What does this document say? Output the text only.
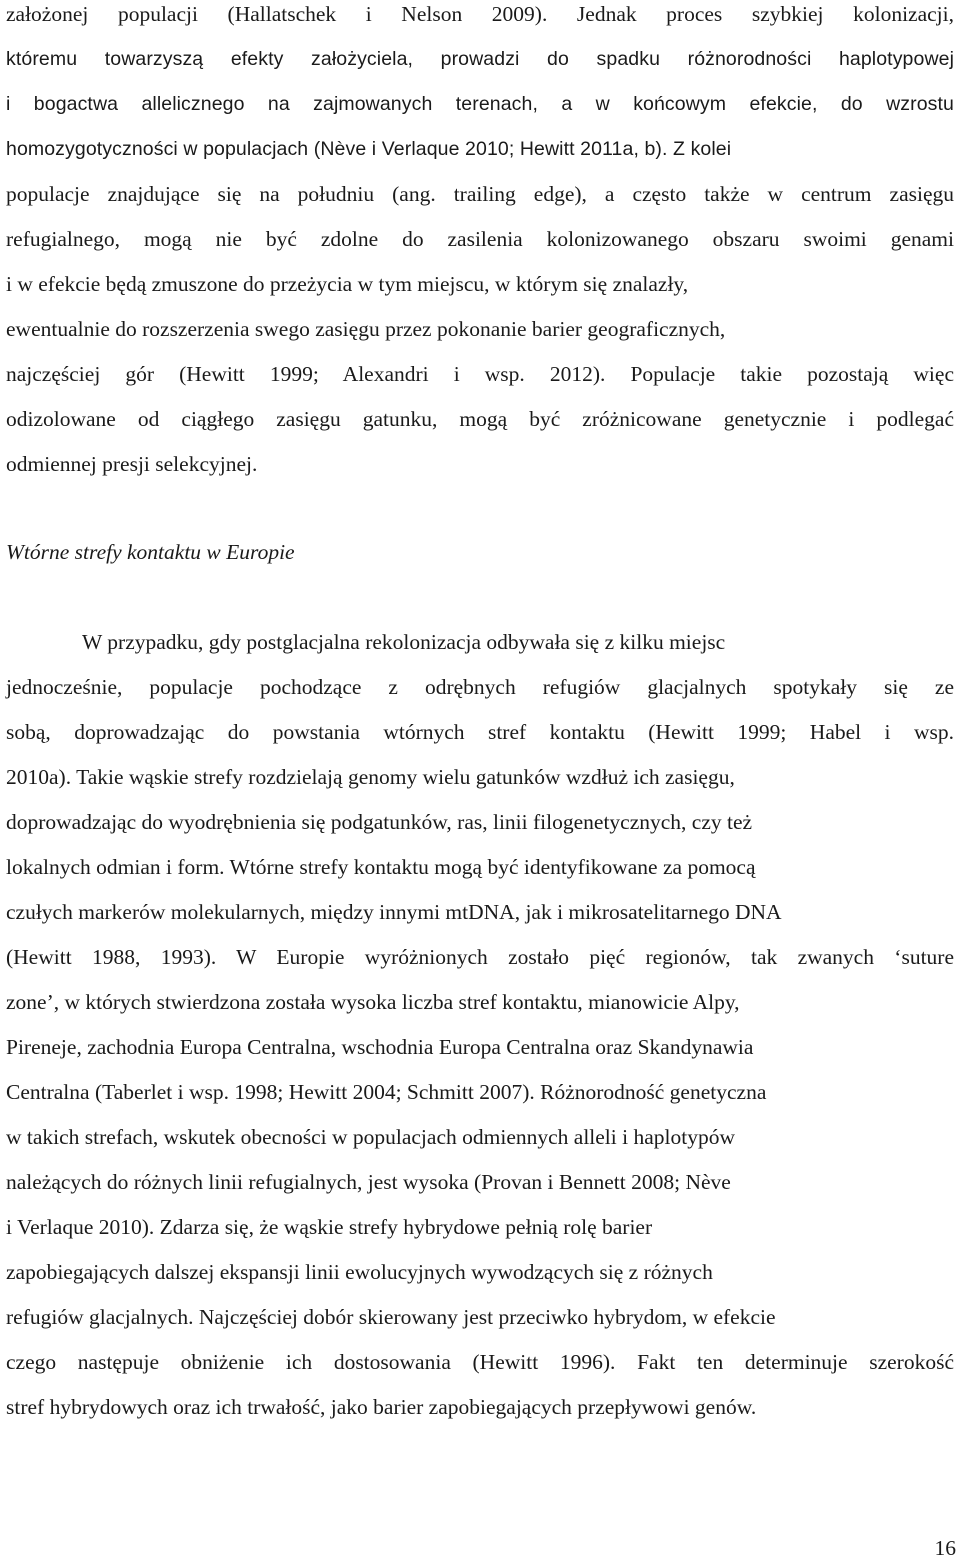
założonej populacji (Hallatschek i Nelson 2009). Jednak proces szybkiej kolonizacji,
któremu towarzyszą efekty założyciela, prowadzi do spadku różnorodności haplotypowej
i bogactwa allelicznego na zajmowanych terenach, a w końcowym efekcie, do wzrostu
homozygotyczności w populacjach (Nève i Verlaque 2010; Hewitt 2011a, b). Z kolei
populacje znajdujące się na południu (ang. trailing edge), a często także w centrum zasięgu
refugialnego, mogą nie być zdolne do zasilenia kolonizowanego obszaru swoimi genami
i w efekcie będą zmuszone do przeżycia w tym miejscu, w którym się znalazły,
ewentualnie do rozszerzenia swego zasięgu przez pokonanie barier geograficznych,
najczęściej gór (Hewitt 1999; Alexandri i wsp. 2012). Populacje takie pozostają więc
odizolowane od ciągłego zasięgu gatunku, mogą być zróżnicowane genetycznie i podlegać
odmiennej presji selekcyjnej.
Wtórne strefy kontaktu w Europie
W przypadku, gdy postglacjalna rekolonizacja odbywała się z kilku miejsc
jednocześnie, populacje pochodzące z odrębnych refugiów glacjalnych spotykały się ze
sobą, doprowadzając do powstania wtórnych stref kontaktu (Hewitt 1999; Habel i wsp.
2010a). Takie wąskie strefy rozdzielają genomy wielu gatunków wzdłuż ich zasięgu,
doprowadzając do wyodrębnienia się podgatunków, ras, linii filogenetycznych, czy też
lokalnych odmian i form. Wtórne strefy kontaktu mogą być identyfikowane za pomocą
czułych markerów molekularnych, między innymi mtDNA, jak i mikrosatelitarnego DNA
(Hewitt 1988, 1993). W Europie wyróżnionych zostało pięć regionów, tak zwanych ‘suture
zone’, w których stwierdzona została wysoka liczba stref kontaktu, mianowicie Alpy,
Pireneje, zachodnia Europa Centralna, wschodnia Europa Centralna oraz Skandynawia
Centralna (Taberlet i wsp. 1998; Hewitt 2004; Schmitt 2007). Różnorodność genetyczna
w takich strefach, wskutek obecności w populacjach odmiennych alleli i haplotypów
należących do różnych linii refugialnych, jest wysoka (Provan i Bennett 2008; Nève
i Verlaque 2010). Zdarza się, że wąskie strefy hybrydowe pełnią rolę barier
zapobiegających dalszej ekspansji linii ewolucyjnych wywodzących się z różnych
refugiów glacjalnych. Najczęściej dobór skierowany jest przeciwko hybrydom, w efekcie
czego następuje obniżenie ich dostosowania (Hewitt 1996). Fakt ten determinuje szerokość
stref hybrydowych oraz ich trwałość, jako barier zapobiegających przepływowi genów.
16
